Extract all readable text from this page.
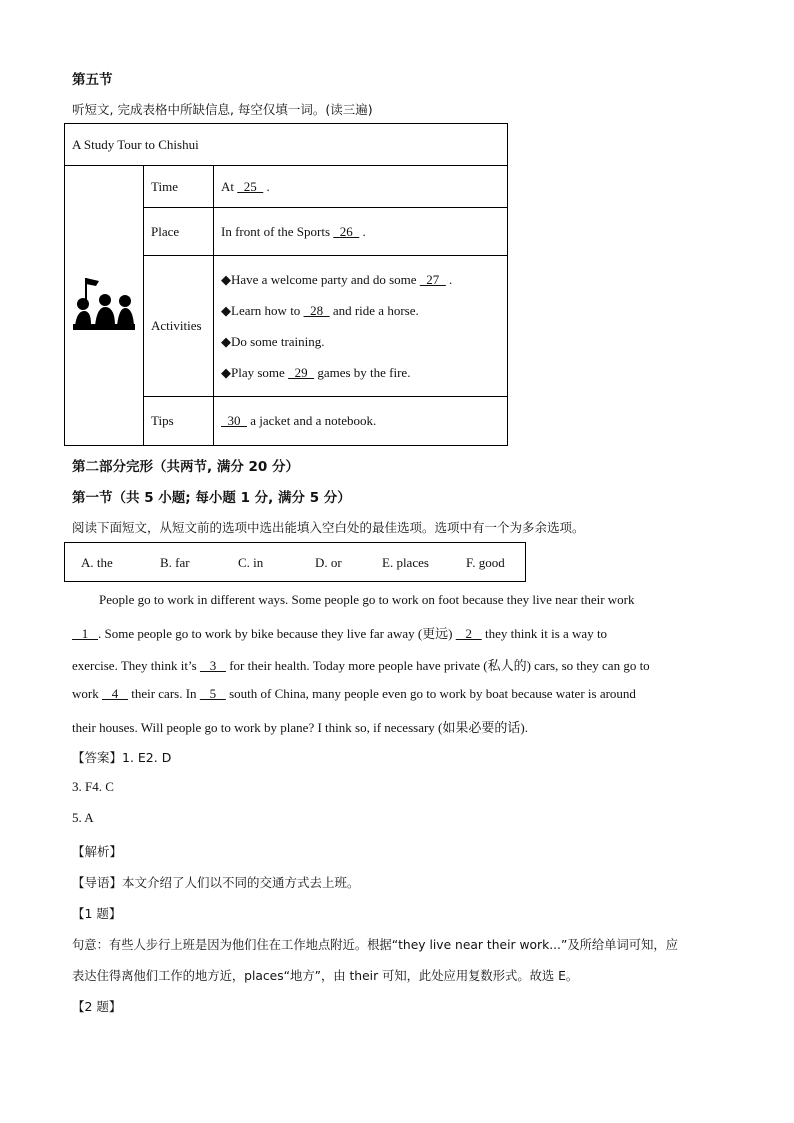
第五节
听短文, 完成表格中所缺信息, 每空仅填一词。(读三遍)
A Study Tour to Chishui		
	Time	At   25   .
	Place	In front of the Sports   26   .
	Activities	◆Have a welcome party and do some   27   .

◆Learn how to   28   and ride a horse.

◆Do some training.

◆Play some   29   games by the fire.

	Tips	30   a jacket and a notebook.
第二部分完形（共两节, 满分 20 分）
第一节（共 5 小题; 每小题 1 分, 满分 5 分）
阅读下面短文，从短文前的选项中选出能填入空白处的最佳选项。选项中有一个为多余选项。
A. the	B. far	C. in	D. or	E. places	F. good
People go to work in different ways. Some people go to work on foot because they live near their work
1   . Some people go to work by bike because they live far away (更远)    2    they think it is a way to
exercise. They think it’s    3    for their health. Today more people have private (私人的) cars, so they can go to
work    4    their cars. In    5    south of China, many people even go to work by boat because water is around
their houses. Will people go to work by plane? I think so, if necessary (如果必要的话).
【答案】1. E2. D
3. F4. C
5. A
【解析】
【导语】本文介绍了人们以不同的交通方式去上班。
【1 题】
句意：有些人步行上班是因为他们住在工作地点附近。根据“they live near their work...”及所给单词可知，应
表达住得离他们工作的地方近，places“地方”，由 their 可知，此处应用复数形式。故选 E。
【2 题】
